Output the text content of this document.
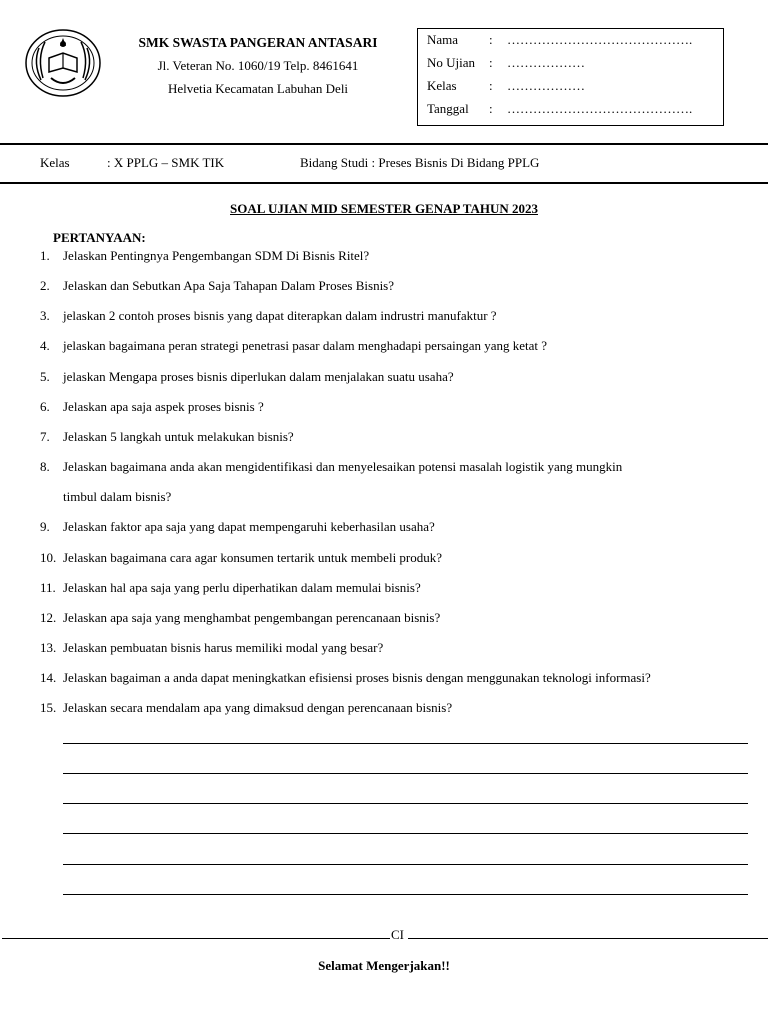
SMK SWASTA PANGERAN ANTASARI
Jl. Veteran No. 1060/19 Telp. 8461641
Helvetia Kecamatan Labuhan Deli
Nama : …………………………………….
No Ujian : ………………
Kelas : ………………
Tanggal : …………………………………….
Kelas	: X PPLG – SMK TIK	Bidang Studi : Preses Bisnis Di Bidang PPLG
SOAL UJIAN MID SEMESTER GENAP TAHUN 2023
PERTANYAAN:
1. Jelaskan Pentingnya Pengembangan SDM Di Bisnis Ritel?
2. Jelaskan dan Sebutkan Apa Saja Tahapan Dalam Proses Bisnis?
3. jelaskan 2 contoh proses bisnis yang dapat diterapkan dalam indrustri manufaktur ?
4. jelaskan bagaimana peran strategi penetrasi pasar dalam menghadapi persaingan yang ketat ?
5. jelaskan Mengapa proses bisnis diperlukan dalam menjalakan suatu usaha?
6. Jelaskan apa saja aspek proses bisnis ?
7. Jelaskan 5 langkah untuk melakukan bisnis?
8. Jelaskan bagaimana anda akan mengidentifikasi dan menyelesaikan potensi masalah logistik yang mungkin
timbul dalam bisnis?
9. Jelaskan faktor apa saja yang dapat mempengaruhi keberhasilan usaha?
10. Jelaskan bagaimana cara agar konsumen tertarik untuk membeli produk?
11. Jelaskan hal apa saja yang perlu diperhatikan dalam memulai bisnis?
12. Jelaskan apa saja yang menghambat pengembangan perencanaan bisnis?
13. Jelaskan pembuatan bisnis harus memiliki modal yang besar?
14. Jelaskan bagaiman a anda dapat meningkatkan efisiensi proses bisnis dengan menggunakan teknologi informasi?
15. Jelaskan secara mendalam apa yang dimaksud dengan perencanaan bisnis?
CI
Selamat Mengerjakan!!
